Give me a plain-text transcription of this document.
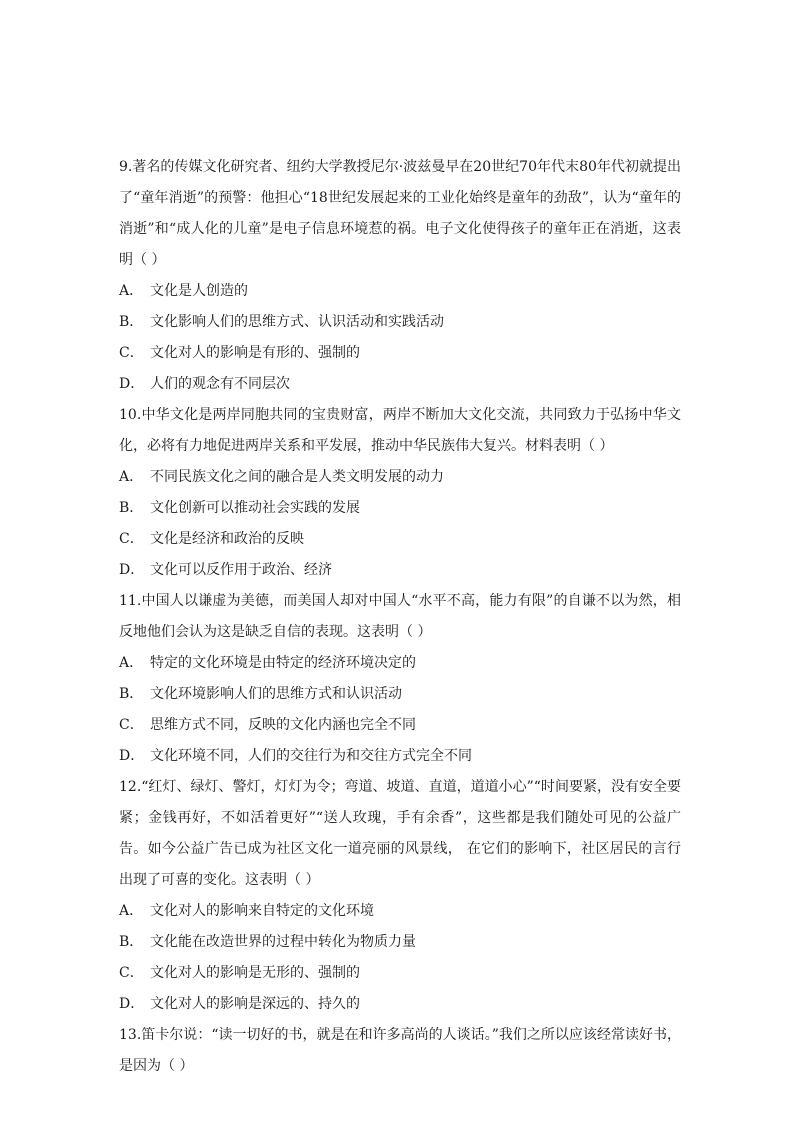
9.著名的传媒文化研究者、纽约大学教授尼尔·波兹曼早在20世纪70年代末80年代初就提出了“童年消逝”的预警：他担心“18世纪发展起来的工业化始终是童年的劲敌”，认为“童年的消逝”和“成人化的儿童”是电子信息环境惹的祸。电子文化使得孩子的童年正在消逝，这表明（ ）

A． 文化是人创造的

B． 文化影响人们的思维方式、认识活动和实践活动

C． 文化对人的影响是有形的、强制的

D． 人们的观念有不同层次

10.中华文化是两岸同胞共同的宝贵财富，两岸不断加大文化交流，共同致力于弘扬中华文化，必将有力地促进两岸关系和平发展，推动中华民族伟大复兴。材料表明（ ）

A． 不同民族文化之间的融合是人类文明发展的动力

B． 文化创新可以推动社会实践的发展

C． 文化是经济和政治的反映

D． 文化可以反作用于政治、经济

11.中国人以谦虚为美德，而美国人却对中国人“水平不高，能力有限”的自谦不以为然，相反地他们会认为这是缺乏自信的表现。这表明（ ）

A． 特定的文化环境是由特定的经济环境决定的

B． 文化环境影响人们的思维方式和认识活动

C． 思维方式不同，反映的文化内涵也完全不同

D． 文化环境不同，人们的交往行为和交往方式完全不同

12.“红灯、绿灯、警灯，灯灯为令；弯道、坡道、直道，道道小心”“时间要紧，没有安全要紧；金钱再好，不如活着更好”“送人玫瑰，手有余香”，这些都是我们随处可见的公益广告。如今公益广告已成为社区文化一道亮丽的风景线， 在它们的影响下，社区居民的言行出现了可喜的变化。这表明（ ）

A． 文化对人的影响来自特定的文化环境

B． 文化能在改造世界的过程中转化为物质力量

C． 文化对人的影响是无形的、强制的

D． 文化对人的影响是深远的、持久的

13.笛卡尔说：“读一切好的书，就是在和许多高尚的人谈话。”我们之所以应该经常读好书，是因为（ ）
